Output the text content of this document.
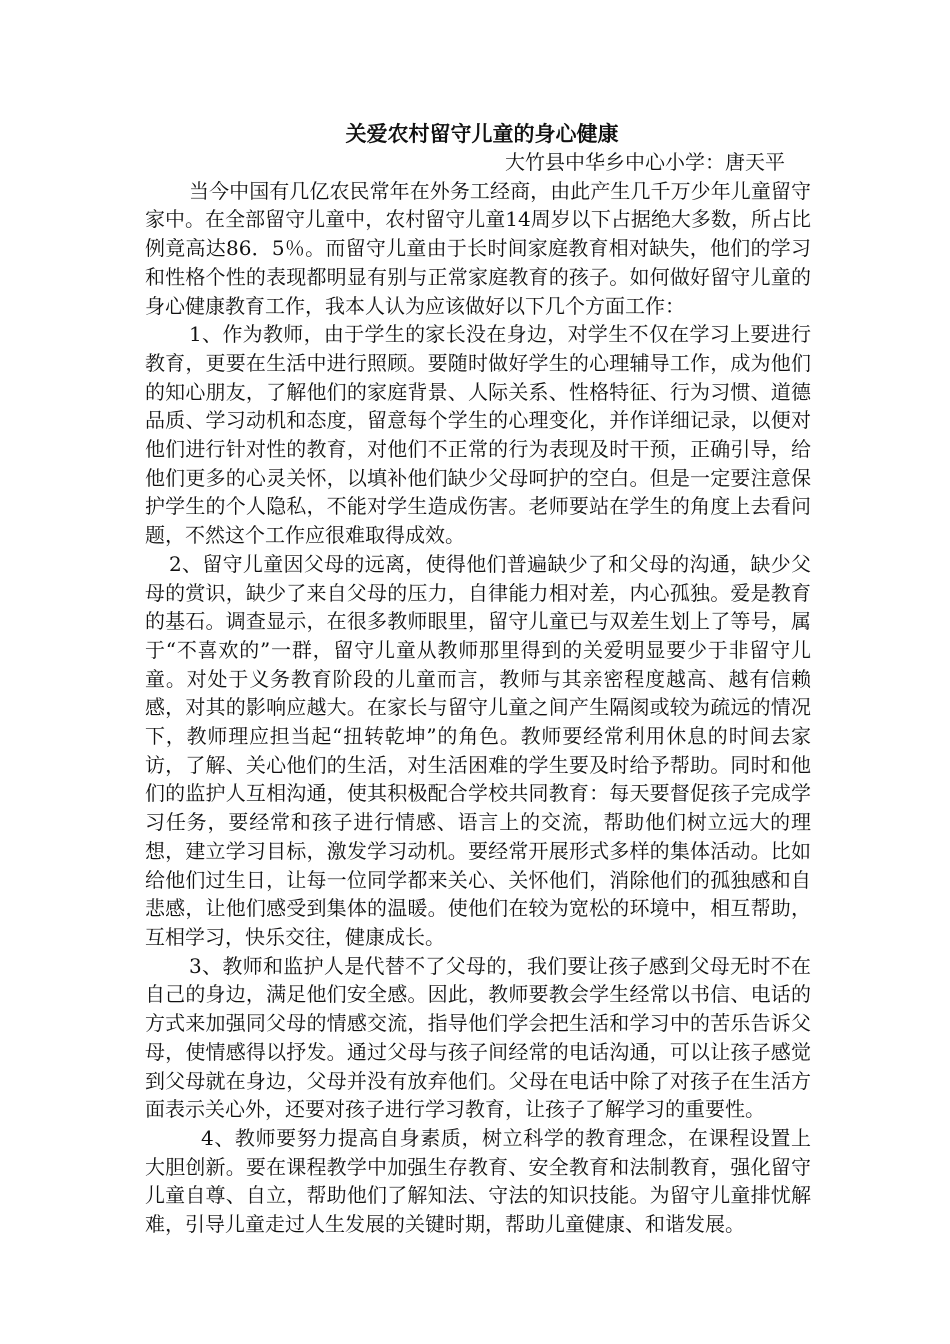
关爱农村留守儿童的身心健康

大竹县中华乡中心小学：唐天平

当今中国有几亿农民常年在外务工经商，由此产生几千万少年儿童留守家中。在全部留守儿童中，农村留守儿童14周岁以下占据绝大多数，所占比例竟高达86．5％。而留守儿童由于长时间家庭教育相对缺失，他们的学习和性格个性的表现都明显有别与正常家庭教育的孩子。如何做好留守儿童的身心健康教育工作，我本人认为应该做好以下几个方面工作：

1、作为教师，由于学生的家长没在身边，对学生不仅在学习上要进行教育，更要在生活中进行照顾。要随时做好学生的心理辅导工作，成为他们的知心朋友，了解他们的家庭背景、人际关系、性格特征、行为习惯、道德品质、学习动机和态度，留意每个学生的心理变化，并作详细记录，以便对他们进行针对性的教育，对他们不正常的行为表现及时干预，正确引导，给他们更多的心灵关怀，以填补他们缺少父母呵护的空白。但是一定要注意保护学生的个人隐私，不能对学生造成伤害。老师要站在学生的角度上去看问题，不然这个工作应很难取得成效。

2、留守儿童因父母的远离，使得他们普遍缺少了和父母的沟通，缺少父母的赏识，缺少了来自父母的压力，自律能力相对差，内心孤独。爱是教育的基石。调查显示，在很多教师眼里，留守儿童已与双差生划上了等号，属于“不喜欢的”一群，留守儿童从教师那里得到的关爱明显要少于非留守儿童。对处于义务教育阶段的儿童而言，教师与其亲密程度越高、越有信赖感，对其的影响应越大。在家长与留守儿童之间产生隔阂或较为疏远的情况下，教师理应担当起“扭转乾坤”的角色。教师要经常利用休息的时间去家访，了解、关心他们的生活，对生活困难的学生要及时给予帮助。同时和他们的监护人互相沟通，使其积极配合学校共同教育：每天要督促孩子完成学习任务，要经常和孩子进行情感、语言上的交流，帮助他们树立远大的理想，建立学习目标，激发学习动机。要经常开展形式多样的集体活动。比如给他们过生日，让每一位同学都来关心、关怀他们，消除他们的孤独感和自悲感，让他们感受到集体的温暖。使他们在较为宽松的环境中，相互帮助，互相学习，快乐交往，健康成长。

3、教师和监护人是代替不了父母的，我们要让孩子感到父母无时不在自己的身边，满足他们安全感。因此，教师要教会学生经常以书信、电话的方式来加强同父母的情感交流，指导他们学会把生活和学习中的苦乐告诉父母，使情感得以抒发。通过父母与孩子间经常的电话沟通，可以让孩子感觉到父母就在身边，父母并没有放弃他们。父母在电话中除了对孩子在生活方面表示关心外，还要对孩子进行学习教育，让孩子了解学习的重要性。

4、教师要努力提高自身素质，树立科学的教育理念，在课程设置上大胆创新。要在课程教学中加强生存教育、安全教育和法制教育，强化留守儿童自尊、自立，帮助他们了解知法、守法的知识技能。为留守儿童排忧解难，引导儿童走过人生发展的关键时期，帮助儿童健康、和谐发展。
